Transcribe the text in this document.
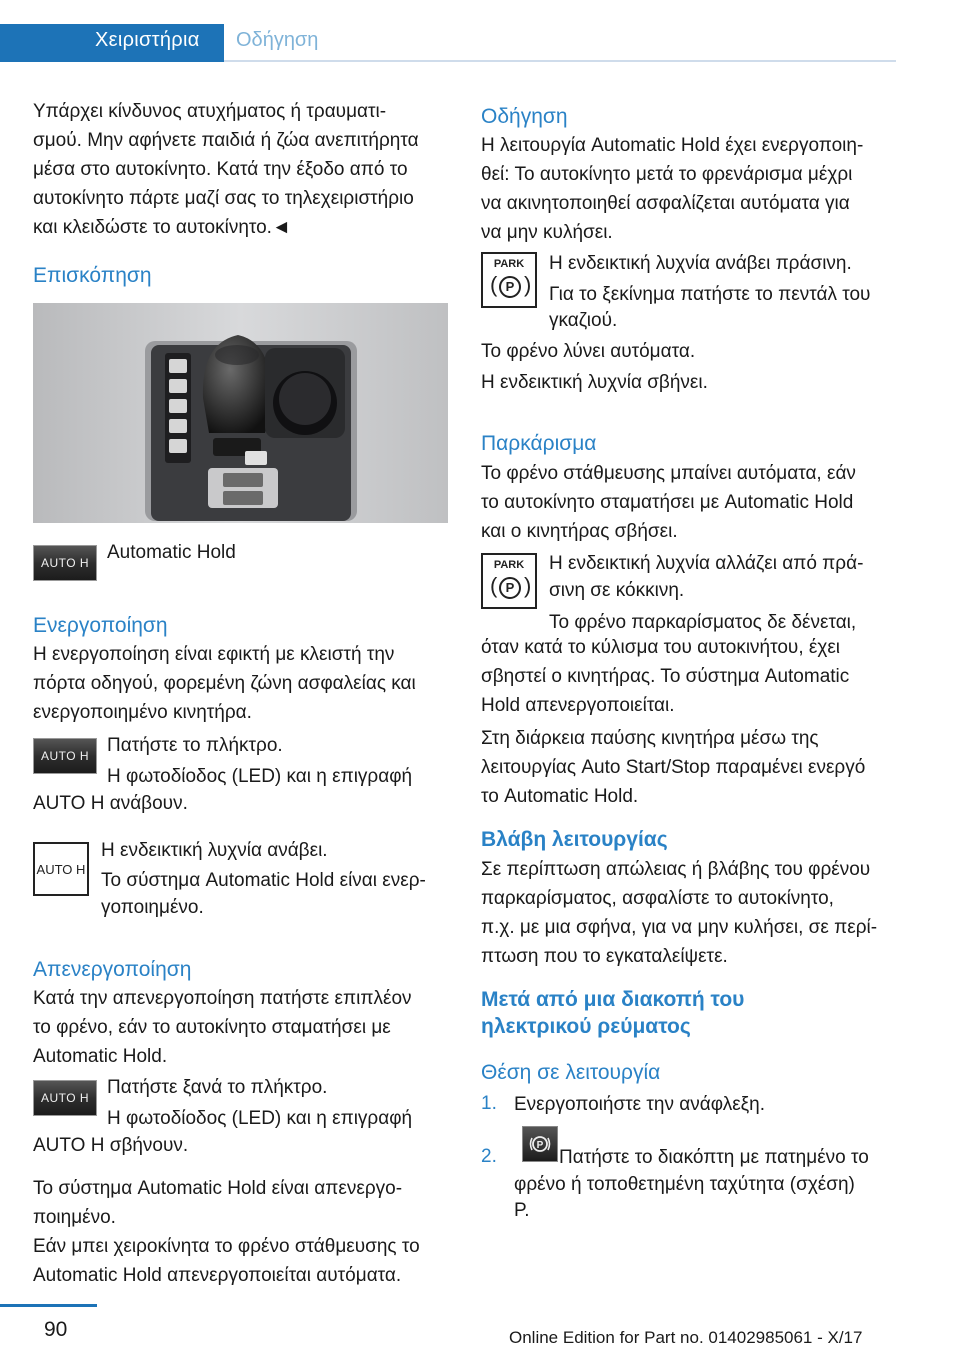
Χειριστήρια Οδήγηση

Υπάρχει κίνδυνος ατυχήματος ή τραυματι‐

σμού. Μην αφήνετε παιδιά ή ζώα ανεπιτήρητα

μέσα στο αυτοκίνητο. Κατά την έξοδο από το

αυτοκίνητο πάρτε μαζί σας το τηλεχειριστήριο

και κλειδώστε το αυτοκίνητο.◄

Επισκόπηση
AUTO H Automatic Hold

Ενεργοποίηση

Η ενεργοποίηση είναι εφικτή με κλειστή την

πόρτα οδηγού, φορεμένη ζώνη ασφαλείας και

ενεργοποιημένο κινητήρα.

AUTO H Πατήστε το πλήκτρο.

Η φωτοδίοδος (LED) και η επιγραφή

AUTO H ανάβουν.

AUTO H

Η ενδεικτική λυχνία ανάβει.

Το σύστημα Automatic Hold είναι ενερ‐

γοποιημένο.

Απενεργοποίηση

Κατά την απενεργοποίηση πατήστε επιπλέον

το φρένο, εάν το αυτοκίνητο σταματήσει με

Automatic Hold.

AUTO H Πατήστε ξανά το πλήκτρο.

Η φωτοδίοδος (LED) και η επιγραφή

AUTO H σβήνουν.

Το σύστημα Automatic Hold είναι απενεργο‐

ποιημένο.

Εάν μπει χειροκίνητα το φρένο στάθμευσης το

Automatic Hold απενεργοποιείται αυτόματα.

Οδήγηση

Η λειτουργία Automatic Hold έχει ενεργοποιη‐

θεί: Το αυτοκίνητο μετά το φρενάρισμα μέχρι

να ακινητοποιηθεί ασφαλίζεται αυτόματα για

να μην κυλήσει.

PARK
( P )

Η ενδεικτική λυχνία ανάβει πράσινη.

Για το ξεκίνημα πατήστε το πεντάλ του

γκαζιού.

Το φρένο λύνει αυτόματα.

Η ενδεικτική λυχνία σβήνει.

Παρκάρισμα

Το φρένο στάθμευσης μπαίνει αυτόματα, εάν

το αυτοκίνητο σταματήσει με Automatic Hold

και ο κινητήρας σβήσει.

PARK
( P )

Η ενδεικτική λυχνία αλλάζει από πρά‐

σινη σε κόκκινη.

Το φρένο παρκαρίσματος δε δένεται,

όταν κατά το κύλισμα του αυτοκινήτου, έχει

σβηστεί ο κινητήρας. Το σύστημα Automatic

Hold απενεργοποιείται.

Στη διάρκεια παύσης κινητήρα μέσω της

λειτουργίας Auto Start/Stop παραμένει ενεργό

το Automatic Hold.

Βλάβη λειτουργίας

Σε περίπτωση απώλειας ή βλάβης του φρένου

παρκαρίσματος, ασφαλίστε το αυτοκίνητο,

π.χ. με μια σφήνα, για να μην κυλήσει, σε περί‐

πτωση που το εγκαταλείψετε.

Μετά από μια διακοπή του
ηλεκτρικού ρεύματος
Θέση σε λειτουργία
1. Ενεργοποιήστε την ανάφλεξη.

2.
P

Πατήστε το διακόπτη με πατημένο το

φρένο ή τοποθετημένη ταχύτητα (σχέση)

P.

90	Online Edition for Part no. 01402985061 - X/17
